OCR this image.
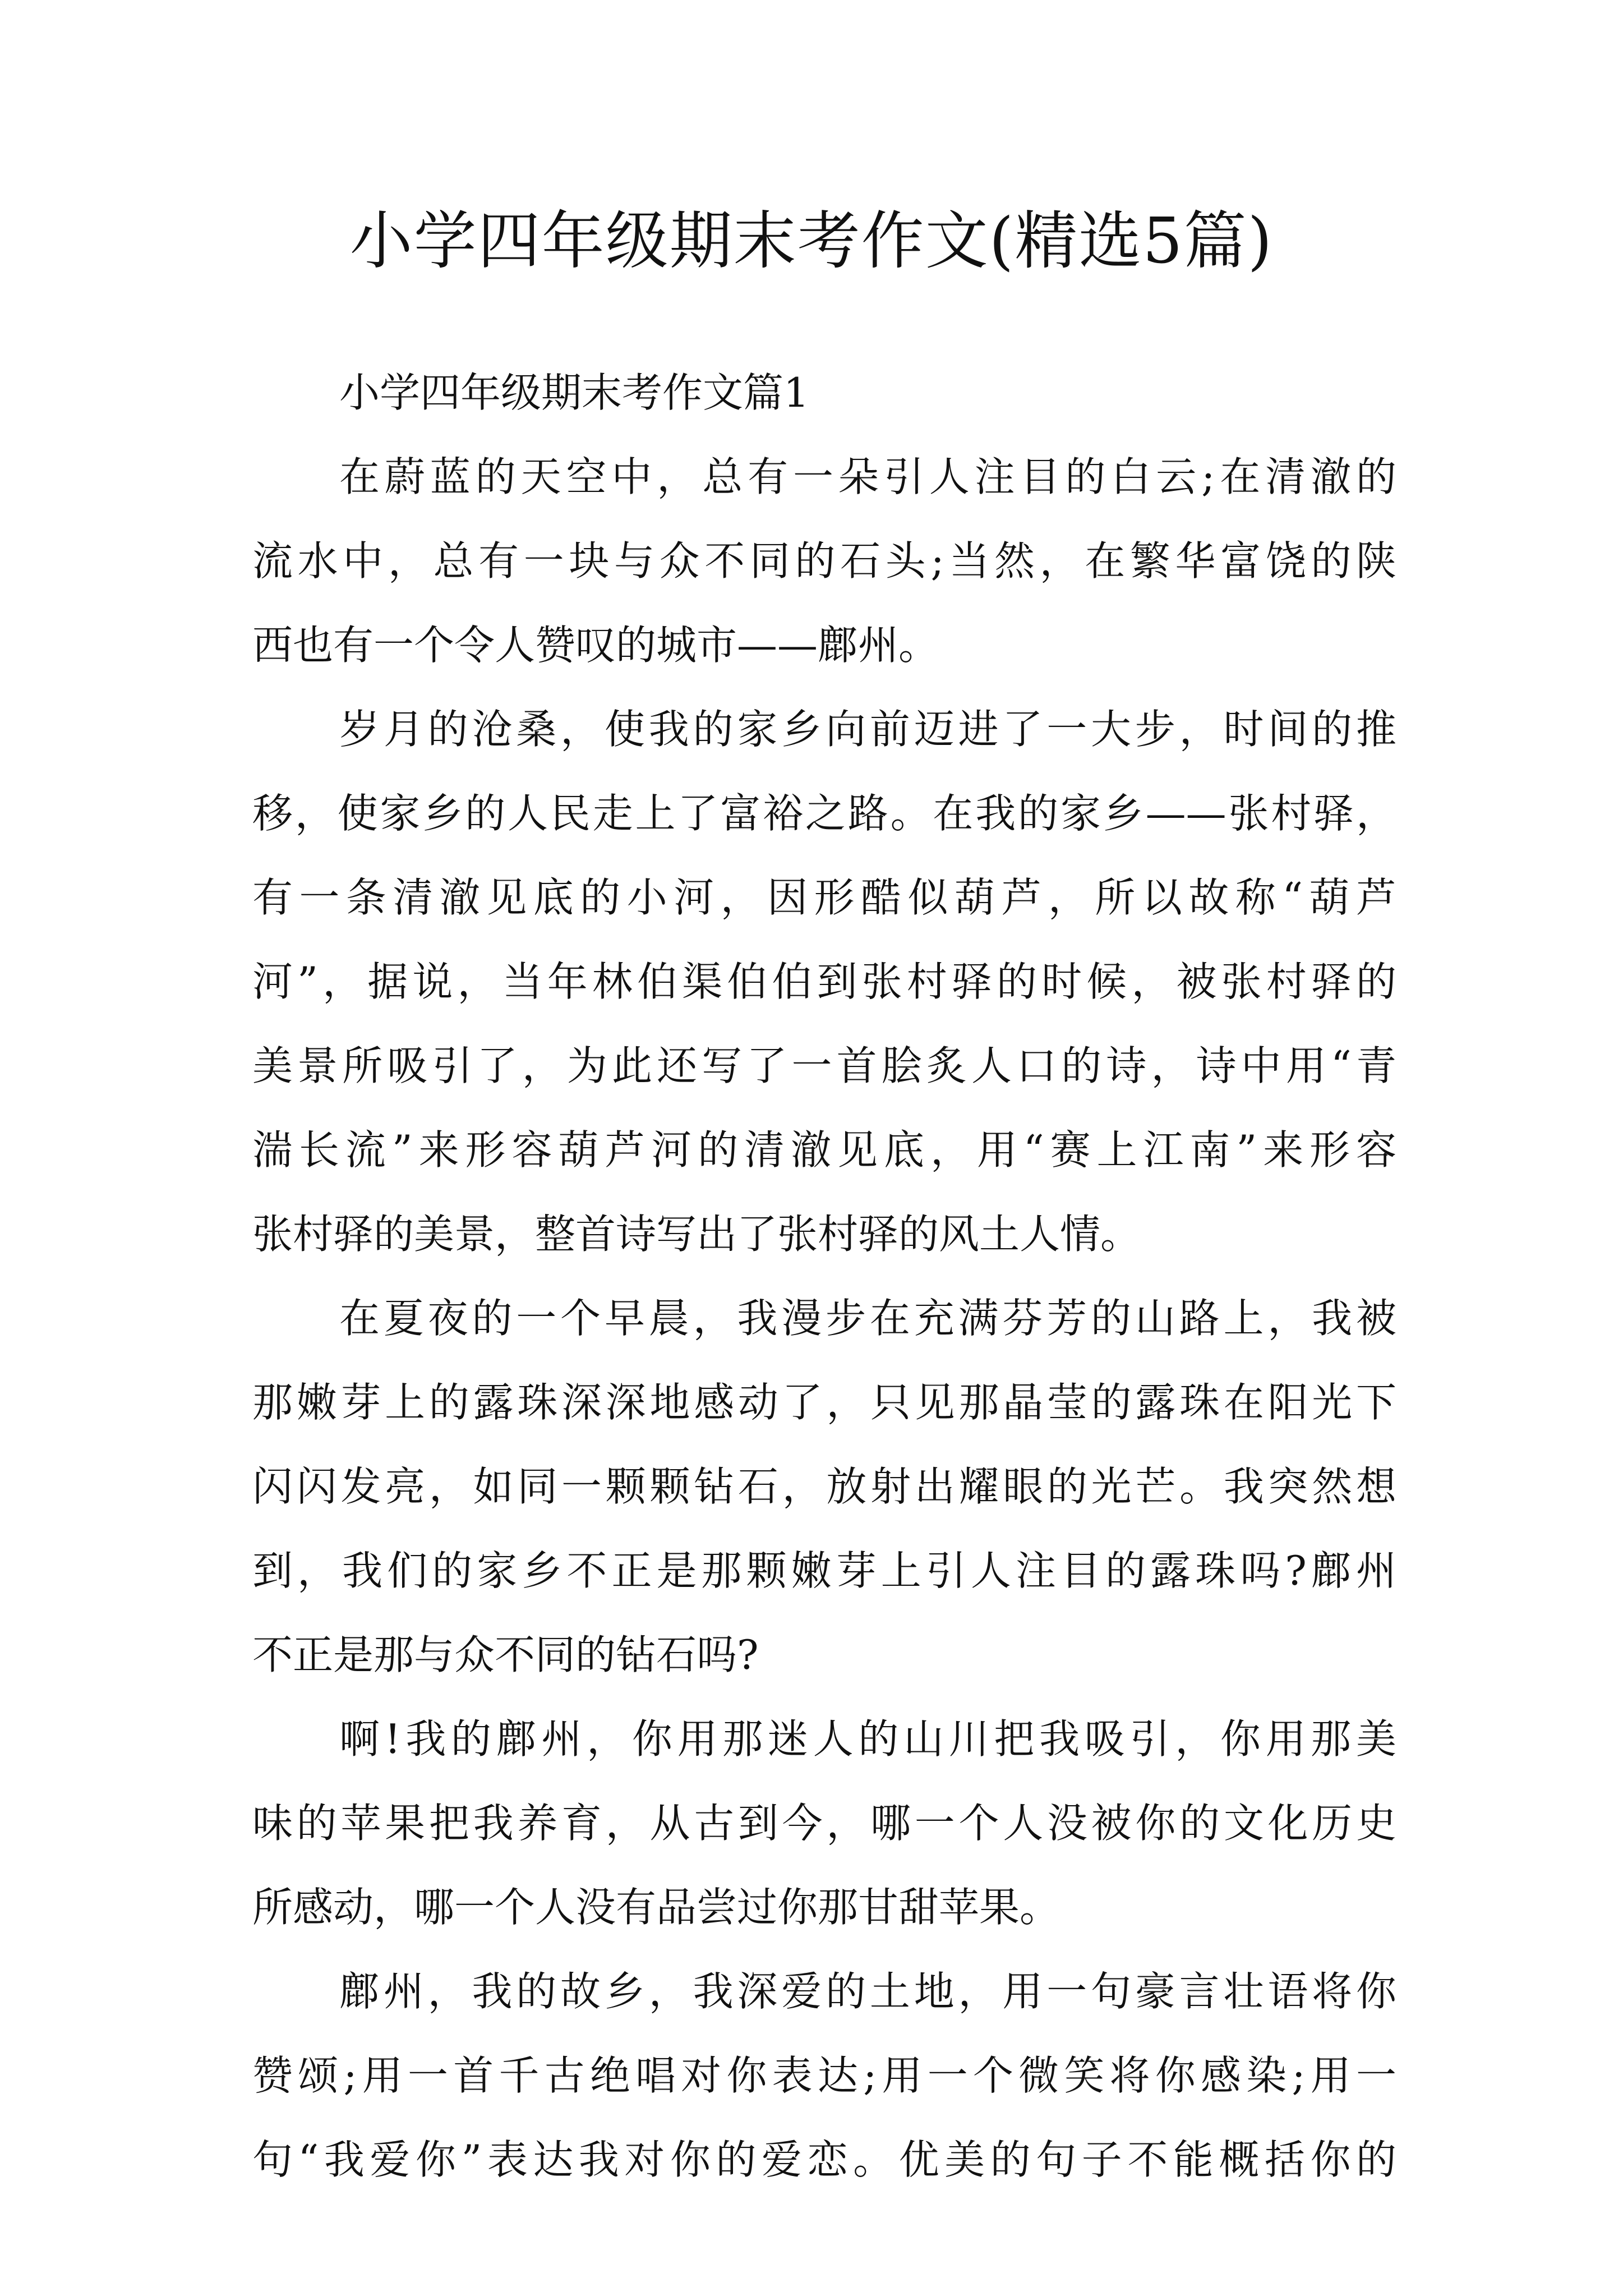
小学四年级期末考作文(精选5篇)
小学四年级期末考作文篇1
在蔚蓝的天空中，总有一朵引人注目的白云;在清澈的
流水中，总有一块与众不同的石头;当然，在繁华富饶的陕
西也有一个令人赞叹的城市——鄜州。
岁月的沧桑，使我的家乡向前迈进了一大步，时间的推
移，使家乡的人民走上了富裕之路。在我的家乡——张村驿，
有一条清澈见底的小河，因形酷似葫芦，所以故称“葫芦
河”，据说，当年林伯渠伯伯到张村驿的时候，被张村驿的
美景所吸引了，为此还写了一首脍炙人口的诗，诗中用“青
湍长流”来形容葫芦河的清澈见底，用“赛上江南”来形容
张村驿的美景，整首诗写出了张村驿的风土人情。
在夏夜的一个早晨，我漫步在充满芬芳的山路上，我被
那嫩芽上的露珠深深地感动了，只见那晶莹的露珠在阳光下
闪闪发亮，如同一颗颗钻石，放射出耀眼的光芒。我突然想
到，我们的家乡不正是那颗嫩芽上引人注目的露珠吗?鄜州
不正是那与众不同的钻石吗?
啊!我的鄜州，你用那迷人的山川把我吸引，你用那美
味的苹果把我养育，从古到今，哪一个人没被你的文化历史
所感动，哪一个人没有品尝过你那甘甜苹果。
鄜州，我的故乡，我深爱的土地，用一句豪言壮语将你
赞颂;用一首千古绝唱对你表达;用一个微笑将你感染;用一
句“我爱你”表达我对你的爱恋。优美的句子不能概括你的
